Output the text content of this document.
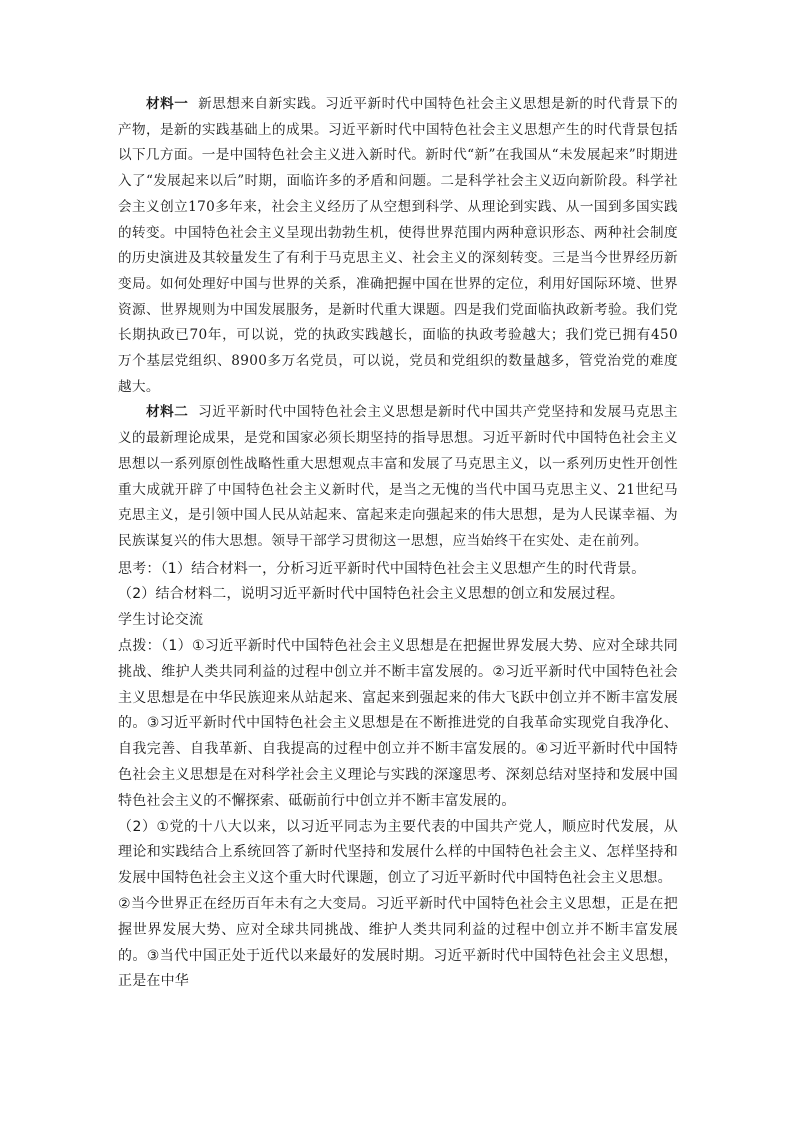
材料一 新思想来自新实践。习近平新时代中国特色社会主义思想是新的时代背景下的产物，是新的实践基础上的成果。习近平新时代中国特色社会主义思想产生的时代背景包括以下几方面。一是中国特色社会主义进入新时代。新时代“新”在我国从“未发展起来”时期进入了“发展起来以后”时期，面临许多的矛盾和问题。二是科学社会主义迈向新阶段。科学社会主义创立170多年来，社会主义经历了从空想到科学、从理论到实践、从一国到多国实践的转变。中国特色社会主义呈现出勃勃生机，使得世界范围内两种意识形态、两种社会制度的历史演进及其较量发生了有利于马克思主义、社会主义的深刻转变。三是当今世界经历新变局。如何处理好中国与世界的关系，准确把握中国在世界的定位，利用好国际环境、世界资源、世界规则为中国发展服务，是新时代重大课题。四是我们党面临执政新考验。我们党长期执政已70年，可以说，党的执政实践越长，面临的执政考验越大；我们党已拥有450万个基层党组织、8900多万名党员，可以说，党员和党组织的数量越多，管党治党的难度越大。

材料二 习近平新时代中国特色社会主义思想是新时代中国共产党坚持和发展马克思主义的最新理论成果，是党和国家必须长期坚持的指导思想。习近平新时代中国特色社会主义思想以一系列原创性战略性重大思想观点丰富和发展了马克思主义，以一系列历史性开创性重大成就开辟了中国特色社会主义新时代，是当之无愧的当代中国马克思主义、21世纪马克思主义，是引领中国人民从站起来、富起来走向强起来的伟大思想，是为人民谋幸福、为民族谋复兴的伟大思想。领导干部学习贯彻这一思想，应当始终干在实处、走在前列。

思考：（1）结合材料一，分析习近平新时代中国特色社会主义思想产生的时代背景。

（2）结合材料二，说明习近平新时代中国特色社会主义思想的创立和发展过程。

学生讨论交流

点拨：（1）①习近平新时代中国特色社会主义思想是在把握世界发展大势、应对全球共同挑战、维护人类共同利益的过程中创立并不断丰富发展的。②习近平新时代中国特色社会主义思想是在中华民族迎来从站起来、富起来到强起来的伟大飞跃中创立并不断丰富发展的。③习近平新时代中国特色社会主义思想是在不断推进党的自我革命实现党自我净化、自我完善、自我革新、自我提高的过程中创立并不断丰富发展的。④习近平新时代中国特色社会主义思想是在对科学社会主义理论与实践的深邃思考、深刻总结对坚持和发展中国特色社会主义的不懈探索、砥砺前行中创立并不断丰富发展的。

（2）①党的十八大以来，以习近平同志为主要代表的中国共产党人，顺应时代发展，从理论和实践结合上系统回答了新时代坚持和发展什么样的中国特色社会主义、怎样坚持和发展中国特色社会主义这个重大时代课题，创立了习近平新时代中国特色社会主义思想。

②当今世界正在经历百年未有之大变局。习近平新时代中国特色社会主义思想，正是在把握世界发展大势、应对全球共同挑战、维护人类共同利益的过程中创立并不断丰富发展的。③当代中国正处于近代以来最好的发展时期。习近平新时代中国特色社会主义思想，正是在中华
